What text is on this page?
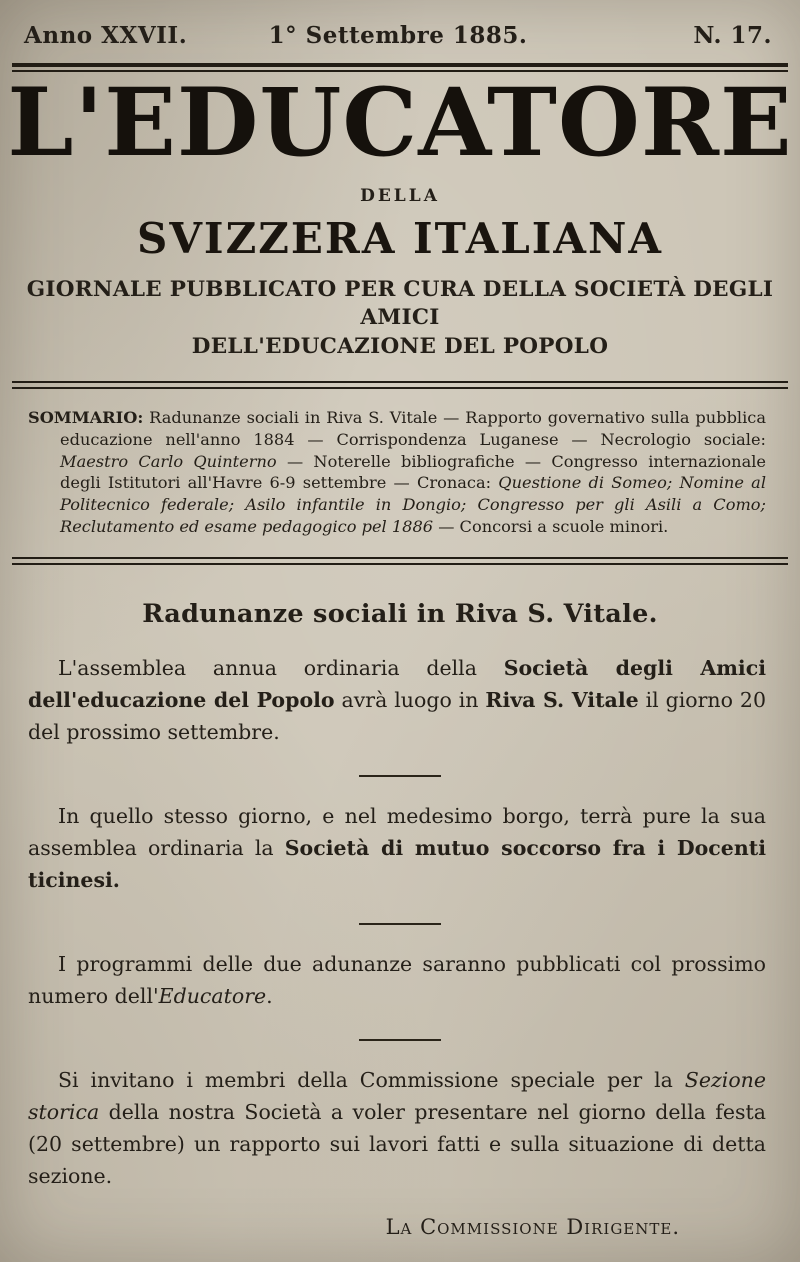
Anno XXVII.	1° Settembre 1885.	N. 17.
L'EDUCATORE
DELLA
SVIZZERA ITALIANA
GIORNALE PUBBLICATO PER CURA DELLA SOCIETÀ DEGLI AMICI
DELL'EDUCAZIONE DEL POPOLO

SOMMARIO: Radunanze sociali in Riva S. Vitale — Rapporto governativo sulla pubblica educazione nell'anno 1884 — Corrispondenza Luganese — Necrologio sociale: Maestro Carlo Quinterno — Noterelle bibliografiche — Congresso internazionale degli Istitutori all'Havre 6-9 settembre — Cronaca: Questione di Someo; Nomine al Politecnico federale; Asilo infantile in Dongio; Congresso per gli Asili a Como; Reclutamento ed esame pedagogico pel 1886 — Concorsi a scuole minori.

Radunanze sociali in Riva S. Vitale.

L'assemblea annua ordinaria della Società degli Amici dell'educazione del Popolo avrà luogo in Riva S. Vitale il giorno 20 del prossimo settembre.

In quello stesso giorno, e nel medesimo borgo, terrà pure la sua assemblea ordinaria la Società di mutuo soccorso fra i Docenti ticinesi.

I programmi delle due adunanze saranno pubblicati col prossimo numero dell'Educatore.

Si invitano i membri della Commissione speciale per la Sezione storica della nostra Società a voler presentare nel giorno della festa (20 settembre) un rapporto sui lavori fatti e sulla situazione di detta sezione.

La Commissione Dirigente.
